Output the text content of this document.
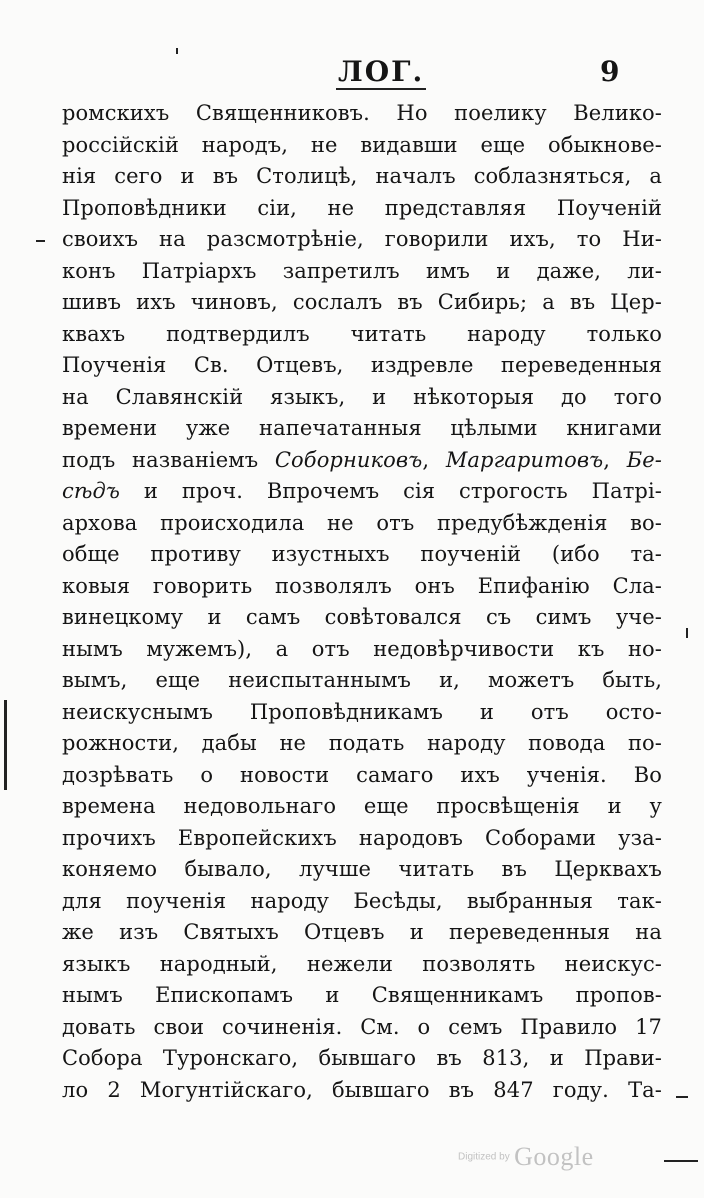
ЛОГ.	9
ромскихъ Священниковъ. Но поелику Велико-
россійскій народъ, не видавши еще обыкнове-
нія сего и въ Столицѣ, началъ соблазняться, а
Проповѣдники сіи, не представляя Поученій
своихъ на разсмотрѣніе, говорили ихъ, то Ни-
конъ Патріархъ запретилъ имъ и даже, ли-
шивъ ихъ чиновъ, сослалъ въ Сибирь; а въ Цер-
квахъ подтвердилъ читать народу только
Поученія Св. Отцевъ, издревле переведенныя
на Славянскій языкъ, и нѣкоторыя до того
времени уже напечатанныя цѣлыми книгами
подъ названіемъ Соборниковъ, Маргаритовъ, Бе-
сѣдъ и проч. Впрочемъ сія строгость Патрі-
архова происходила не отъ предубѣжденія во-
обще противу изустныхъ поученій (ибо та-
ковыя говорить позволялъ онъ Епифанію Сла-
винецкому и самъ совѣтовался съ симъ уче-
нымъ мужемъ), а отъ недовѣрчивости къ но-
вымъ, еще неиспытаннымъ и, можетъ быть,
неискуснымъ Проповѣдникамъ и отъ осто-
рожности, дабы не подать народу повода по-
дозрѣвать о новости самаго ихъ ученія. Во
времена недовольнаго еще просвѣщенія и у
прочихъ Европейскихъ народовъ Соборами уза-
коняемо бывало, лучше читать въ Церквахъ
для поученія народу Бесѣды, выбранныя так-
же изъ Святыхъ Отцевъ и переведенныя на
языкъ народный, нежели позволять неискус-
нымъ Епископамъ и Священникамъ пропов-
довать свои сочиненія. См. о семъ Правило 17
Собора Туронскаго, бывшаго въ 813, и Прави-
ло 2 Могунтійскаго, бывшаго въ 847 году. Та-
Digitized by Google
